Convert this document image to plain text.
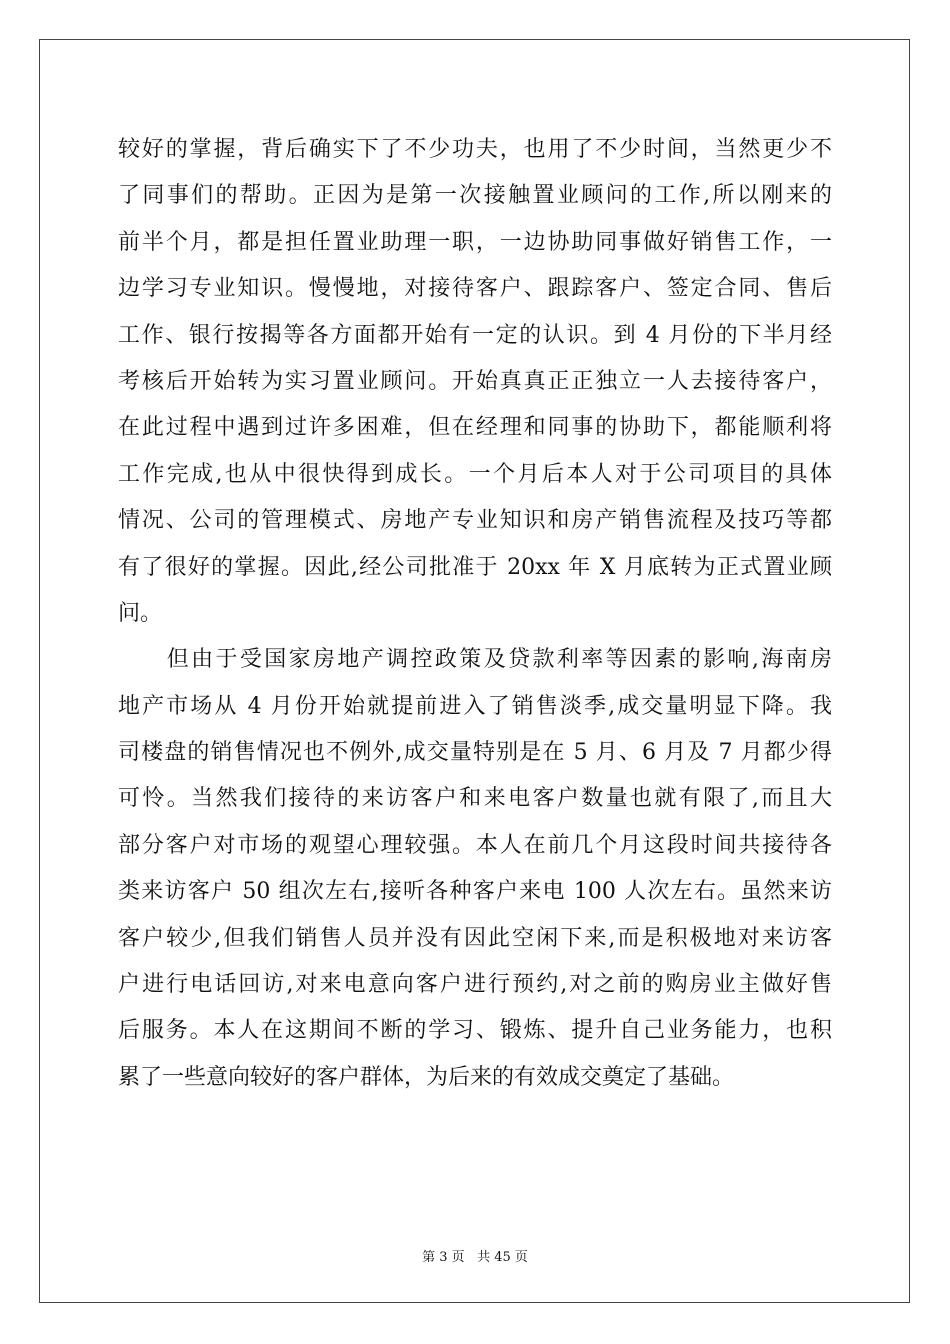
较好的掌握，背后确实下了不少功夫，也用了不少时间，当然更少不
了同事们的帮助。正因为是第一次接触置业顾问的工作,所以刚来的
前半个月，都是担任置业助理一职，一边协助同事做好销售工作，一
边学习专业知识。慢慢地，对接待客户、跟踪客户、签定合同、售后
工作、银行按揭等各方面都开始有一定的认识。到 4 月份的下半月经
考核后开始转为实习置业顾问。开始真真正正独立一人去接待客户，
在此过程中遇到过许多困难，但在经理和同事的协助下，都能顺利将
工作完成,也从中很快得到成长。一个月后本人对于公司项目的具体
情况、公司的管理模式、房地产专业知识和房产销售流程及技巧等都
有了很好的掌握。因此,经公司批准于 20xx 年 X 月底转为正式置业顾
问。
　　但由于受国家房地产调控政策及贷款利率等因素的影响,海南房
地产市场从 4 月份开始就提前进入了销售淡季,成交量明显下降。我
司楼盘的销售情况也不例外,成交量特别是在 5 月、6 月及 7 月都少得
可怜。当然我们接待的来访客户和来电客户数量也就有限了,而且大
部分客户对市场的观望心理较强。本人在前几个月这段时间共接待各
类来访客户 50 组次左右,接听各种客户来电 100 人次左右。虽然来访
客户较少,但我们销售人员并没有因此空闲下来,而是积极地对来访客
户进行电话回访,对来电意向客户进行预约,对之前的购房业主做好售
后服务。本人在这期间不断的学习、锻炼、提升自己业务能力，也积
累了一些意向较好的客户群体，为后来的有效成交奠定了基础。
第 3 页 共 45 页
